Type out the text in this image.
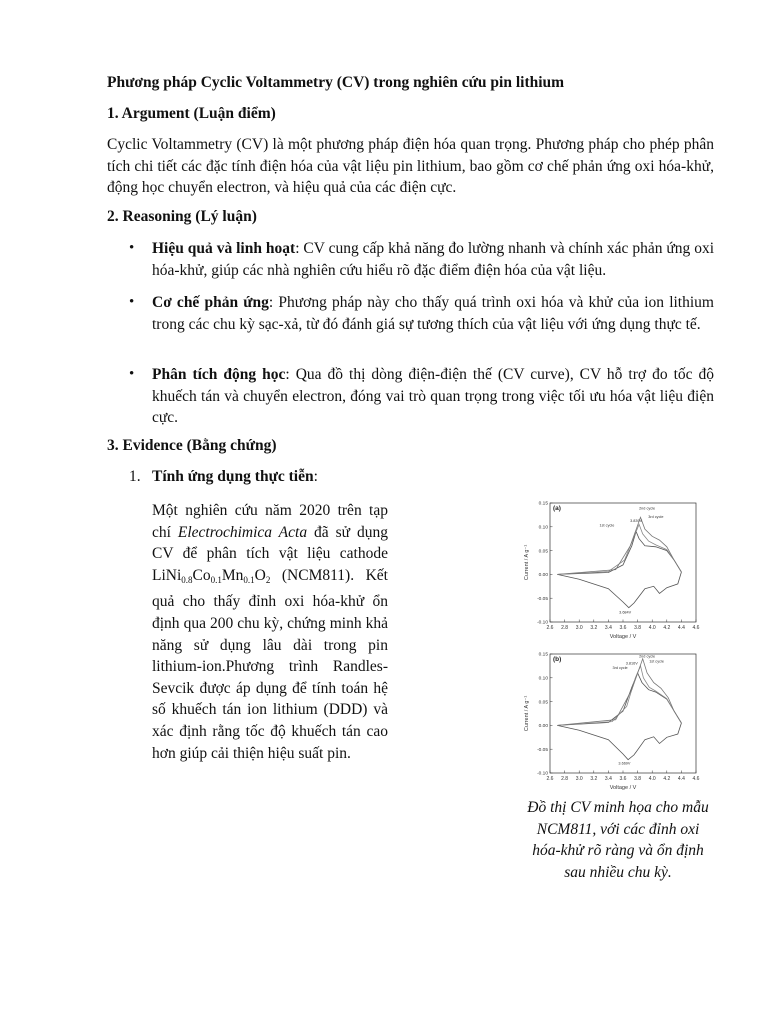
Phương pháp Cyclic Voltammetry (CV) trong nghiên cứu pin lithium
1. Argument (Luận điểm)
Cyclic Voltammetry (CV) là một phương pháp điện hóa quan trọng. Phương pháp cho phép phân tích chi tiết các đặc tính điện hóa của vật liệu pin lithium, bao gồm cơ chế phản ứng oxi hóa-khử, động học chuyển electron, và hiệu quả của các điện cực.
2. Reasoning (Lý luận)
• Hiệu quả và linh hoạt: CV cung cấp khả năng đo lường nhanh và chính xác phản ứng oxi hóa-khử, giúp các nhà nghiên cứu hiểu rõ đặc điểm điện hóa của vật liệu.
• Cơ chế phản ứng: Phương pháp này cho thấy quá trình oxi hóa và khử của ion lithium trong các chu kỳ sạc-xả, từ đó đánh giá sự tương thích của vật liệu với ứng dụng thực tế.
• Phân tích động học: Qua đồ thị dòng điện-điện thế (CV curve), CV hỗ trợ đo tốc độ khuếch tán và chuyển electron, đóng vai trò quan trọng trong việc tối ưu hóa vật liệu điện cực.
3. Evidence (Bằng chứng)
1. Tính ứng dụng thực tiễn:
Một nghiên cứu năm 2020 trên tạp chí Electrochimica Acta đã sử dụng CV để phân tích vật liệu cathode $LiNi_{0.8}Co_{0.1}Mn_{0.1}O_2$ (NCM811). Kết quả cho thấy đỉnh oxi hóa-khử ổn định qua 200 chu kỳ, chứng minh khả năng sử dụng lâu dài trong pin lithium-ion.Phương trình Randles-Sevcik được áp dụng để tính toán hệ số khuếch tán ion lithium (DDD) và xác định rằng tốc độ khuếch tán cao hơn giúp cải thiện hiệu suất pin.
2.6 2.8 3.0 3.2 3.4 3.6 3.8 4.0 4.2 4.4 4.6
0.15
0.10
0.05
0.00
-0.05
-0.10
Voltage / V
Current / A g⁻¹
(a)	2nd cycle
3.839V
3rd cycle
1st cycle
3.684V
2.6 2.8 3.0 3.2 3.4 3.6 3.8 4.0 4.2 4.4 4.6
0.15
0.10
0.05
0.00
-0.05
-0.10
Voltage / V
Current / A g⁻¹
(b)	2nd cycle
1st cycle
3.816V
3rd cycle
3.669V
Đồ thị CV minh họa cho mẫu NCM811, với các đỉnh oxi hóa-khử rõ ràng và ổn định sau nhiều chu kỳ.
